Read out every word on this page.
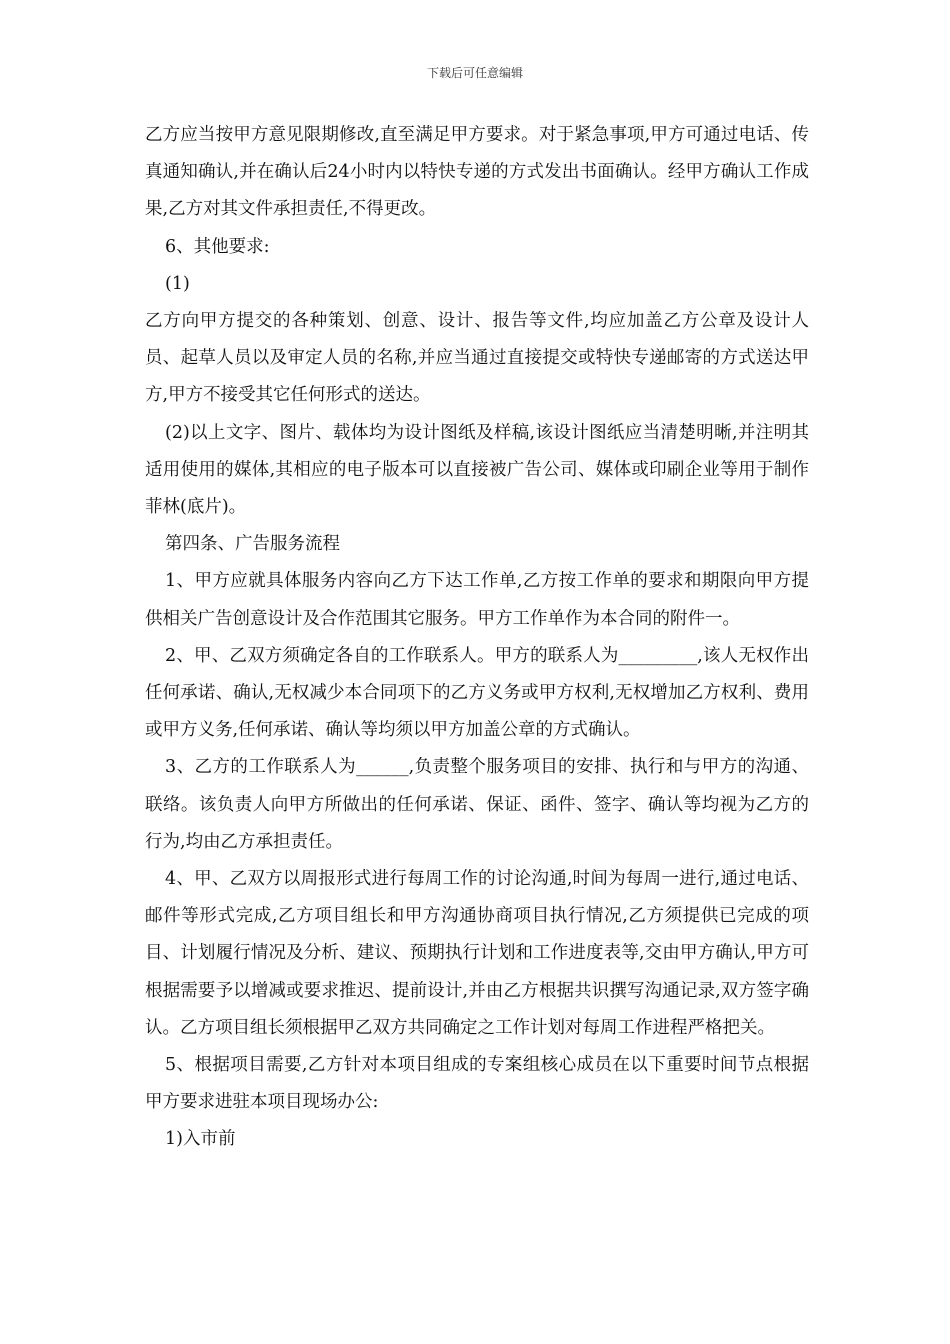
下载后可任意编辑

乙方应当按甲方意见限期修改,直至满足甲方要求。对于紧急事项,甲方可通过电话、传真通知确认,并在确认后24小时内以特快专递的方式发出书面确认。经甲方确认工作成果,乙方对其文件承担责任,不得更改。

6、其他要求:

(1)

乙方向甲方提交的各种策划、创意、设计、报告等文件,均应加盖乙方公章及设计人员、起草人员以及审定人员的名称,并应当通过直接提交或特快专递邮寄的方式送达甲方,甲方不接受其它任何形式的送达。

(2)以上文字、图片、载体均为设计图纸及样稿,该设计图纸应当清楚明晰,并注明其适用使用的媒体,其相应的电子版本可以直接被广告公司、媒体或印刷企业等用于制作菲林(底片)。

第四条、广告服务流程

1、甲方应就具体服务内容向乙方下达工作单,乙方按工作单的要求和期限向甲方提供相关广告创意设计及合作范围其它服务。甲方工作单作为本合同的附件一。

2、甲、乙双方须确定各自的工作联系人。甲方的联系人为_________,该人无权作出任何承诺、确认,无权减少本合同项下的乙方义务或甲方权利,无权增加乙方权利、费用或甲方义务,任何承诺、确认等均须以甲方加盖公章的方式确认。

3、乙方的工作联系人为______,负责整个服务项目的安排、执行和与甲方的沟通、联络。该负责人向甲方所做出的任何承诺、保证、函件、签字、确认等均视为乙方的行为,均由乙方承担责任。

4、甲、乙双方以周报形式进行每周工作的讨论沟通,时间为每周一进行,通过电话、邮件等形式完成,乙方项目组长和甲方沟通协商项目执行情况,乙方须提供已完成的项目、计划履行情况及分析、建议、预期执行计划和工作进度表等,交由甲方确认,甲方可根据需要予以增减或要求推迟、提前设计,并由乙方根据共识撰写沟通记录,双方签字确认。乙方项目组长须根据甲乙双方共同确定之工作计划对每周工作进程严格把关。

5、根据项目需要,乙方针对本项目组成的专案组核心成员在以下重要时间节点根据甲方要求进驻本项目现场办公:

1)入市前
